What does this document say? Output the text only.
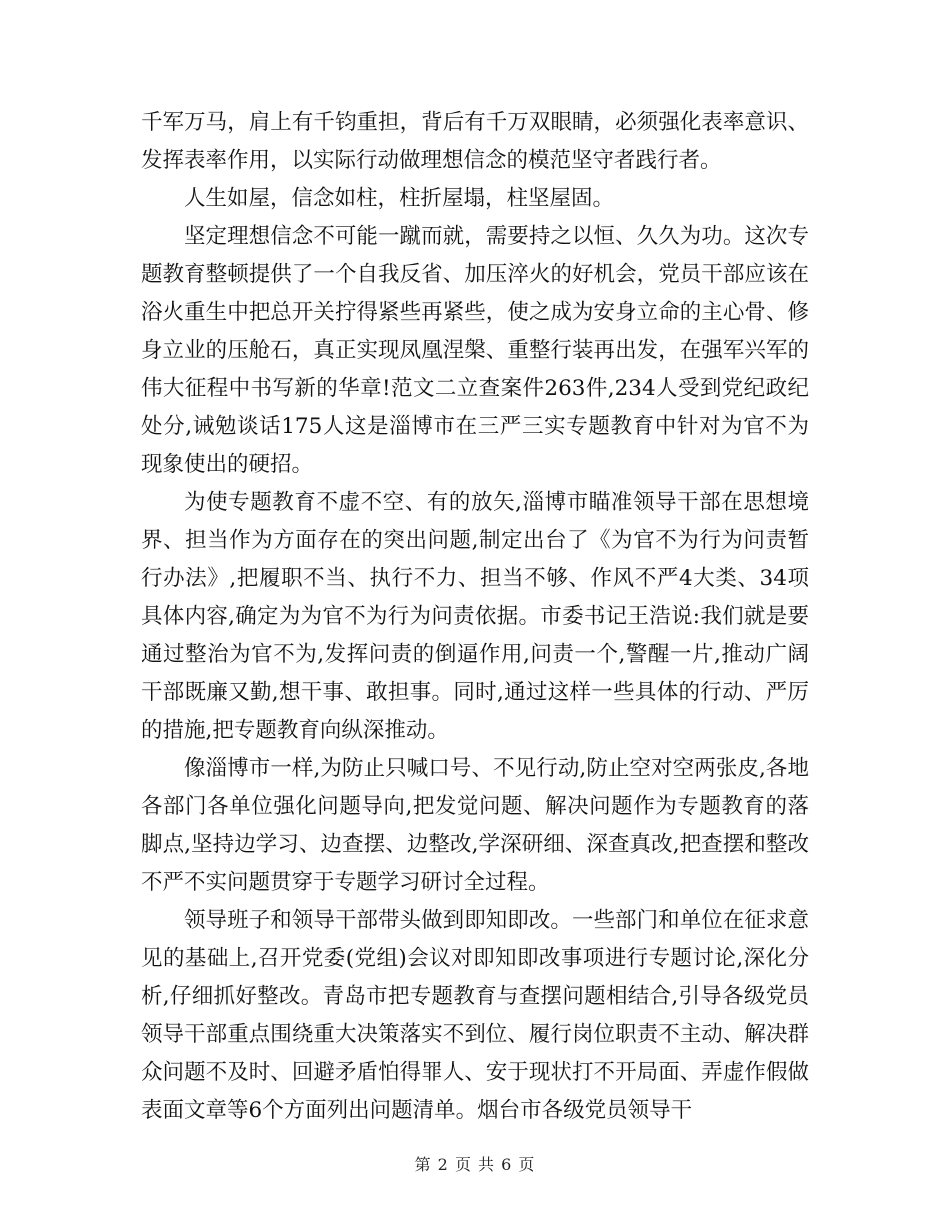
千军万马，肩上有千钧重担，背后有千万双眼睛，必须强化表率意识、发挥表率作用，以实际行动做理想信念的模范坚守者践行者。

人生如屋，信念如柱，柱折屋塌，柱坚屋固。

坚定理想信念不可能一蹴而就，需要持之以恒、久久为功。这次专题教育整顿提供了一个自我反省、加压淬火的好机会，党员干部应该在浴火重生中把总开关拧得紧些再紧些，使之成为安身立命的主心骨、修身立业的压舱石，真正实现凤凰涅槃、重整行装再出发，在强军兴军的伟大征程中书写新的华章!范文二立查案件263件,234人受到党纪政纪处分,诫勉谈话175人这是淄博市在三严三实专题教育中针对为官不为现象使出的硬招。

为使专题教育不虚不空、有的放矢,淄博市瞄准领导干部在思想境界、担当作为方面存在的突出问题,制定出台了《为官不为行为问责暂行办法》,把履职不当、执行不力、担当不够、作风不严4大类、34项具体内容,确定为为官不为行为问责依据。市委书记王浩说:我们就是要通过整治为官不为,发挥问责的倒逼作用,问责一个,警醒一片,推动广阔干部既廉又勤,想干事、敢担事。同时,通过这样一些具体的行动、严厉的措施,把专题教育向纵深推动。

像淄博市一样,为防止只喊口号、不见行动,防止空对空两张皮,各地各部门各单位强化问题导向,把发觉问题、解决问题作为专题教育的落脚点,坚持边学习、边查摆、边整改,学深研细、深查真改,把查摆和整改不严不实问题贯穿于专题学习研讨全过程。

领导班子和领导干部带头做到即知即改。一些部门和单位在征求意见的基础上,召开党委(党组)会议对即知即改事项进行专题讨论,深化分析,仔细抓好整改。青岛市把专题教育与查摆问题相结合,引导各级党员领导干部重点围绕重大决策落实不到位、履行岗位职责不主动、解决群众问题不及时、回避矛盾怕得罪人、安于现状打不开局面、弄虚作假做表面文章等6个方面列出问题清单。烟台市各级党员领导干

第 2 页 共 6 页
